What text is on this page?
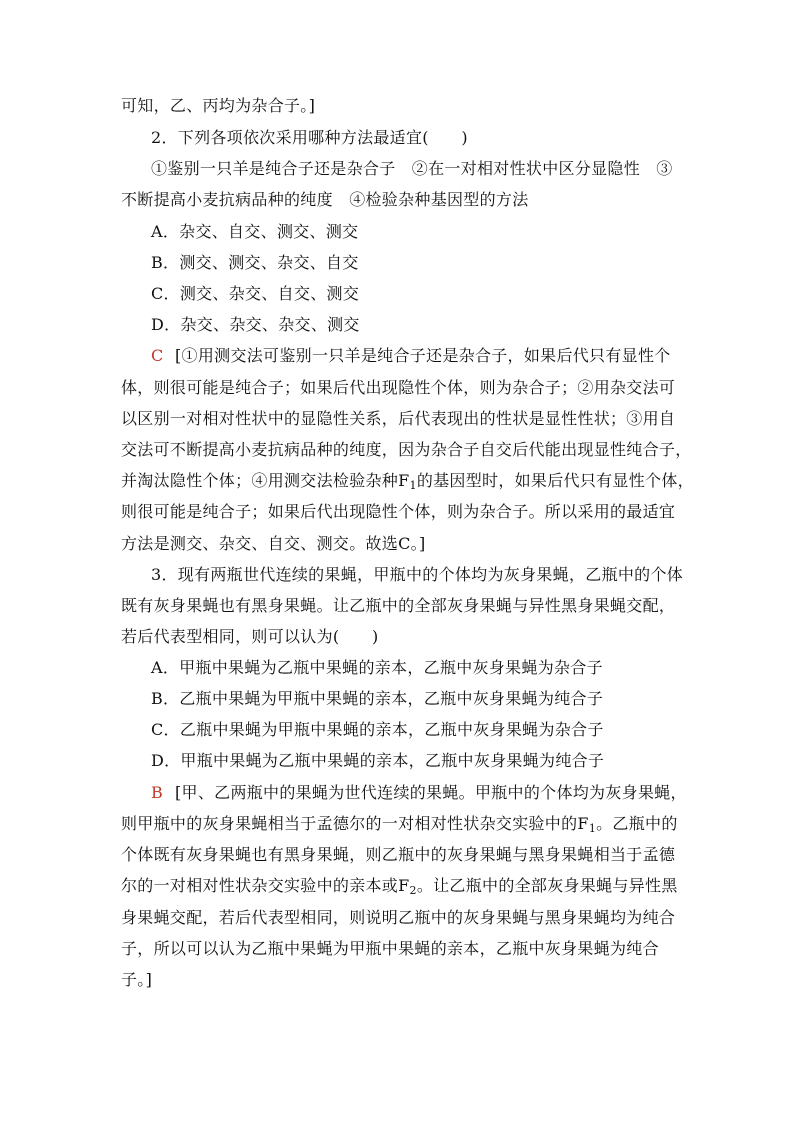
可知，乙、丙均为杂合子。]
2．下列各项依次采用哪种方法最适宜(　　)
①鉴别一只羊是纯合子还是杂合子　②在一对相对性状中区分显隐性　③
不断提高小麦抗病品种的纯度　④检验杂种基因型的方法
A．杂交、自交、测交、测交
B．测交、测交、杂交、自交
C．测交、杂交、自交、测交
D．杂交、杂交、杂交、测交
C [①用测交法可鉴别一只羊是纯合子还是杂合子，如果后代只有显性个
体，则很可能是纯合子；如果后代出现隐性个体，则为杂合子；②用杂交法可
以区别一对相对性状中的显隐性关系，后代表现出的性状是显性性状；③用自
交法可不断提高小麦抗病品种的纯度，因为杂合子自交后代能出现显性纯合子，
并淘汰隐性个体；④用测交法检验杂种$F_1$的基因型时，如果后代只有显性个体，
则很可能是纯合子；如果后代出现隐性个体，则为杂合子。所以采用的最适宜
方法是测交、杂交、自交、测交。故选C。]
3．现有两瓶世代连续的果蝇，甲瓶中的个体均为灰身果蝇，乙瓶中的个体
既有灰身果蝇也有黑身果蝇。让乙瓶中的全部灰身果蝇与异性黑身果蝇交配，
若后代表型相同，则可以认为(　　)
A．甲瓶中果蝇为乙瓶中果蝇的亲本，乙瓶中灰身果蝇为杂合子
B．乙瓶中果蝇为甲瓶中果蝇的亲本，乙瓶中灰身果蝇为纯合子
C．乙瓶中果蝇为甲瓶中果蝇的亲本，乙瓶中灰身果蝇为杂合子
D．甲瓶中果蝇为乙瓶中果蝇的亲本，乙瓶中灰身果蝇为纯合子
B [甲、乙两瓶中的果蝇为世代连续的果蝇。甲瓶中的个体均为灰身果蝇，
则甲瓶中的灰身果蝇相当于孟德尔的一对相对性状杂交实验中的$F_1$。乙瓶中的
个体既有灰身果蝇也有黑身果蝇，则乙瓶中的灰身果蝇与黑身果蝇相当于孟德
尔的一对相对性状杂交实验中的亲本或$F_2$。让乙瓶中的全部灰身果蝇与异性黑
身果蝇交配，若后代表型相同，则说明乙瓶中的灰身果蝇与黑身果蝇均为纯合
子，所以可以认为乙瓶中果蝇为甲瓶中果蝇的亲本，乙瓶中灰身果蝇为纯合
子。]
